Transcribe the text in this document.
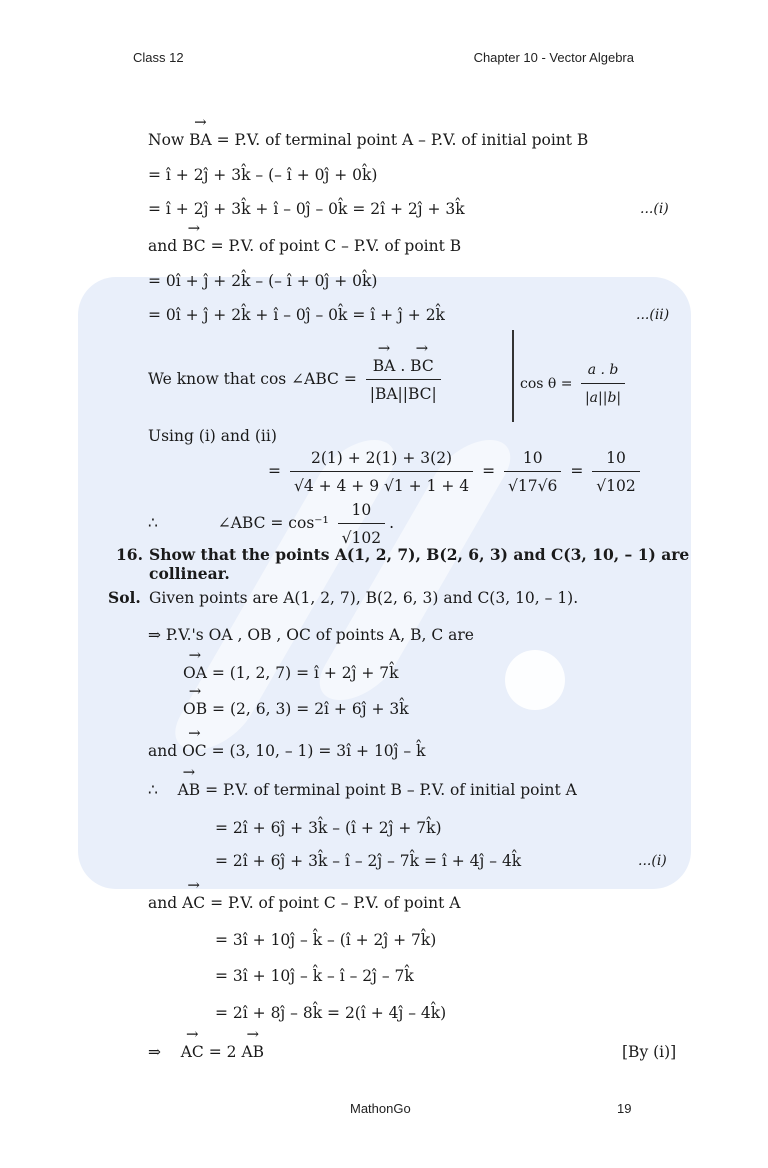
Class 12	Chapter 10 - Vector Algebra
Now → BA = P.V. of terminal point A – P.V. of initial point B
= î + 2ĵ + 3k̂ – (– î + 0ĵ + 0k̂)
= î + 2ĵ + 3k̂ + î – 0ĵ – 0k̂ = 2î + 2ĵ + 3k̂	...(i)
and → BC = P.V. of point C – P.V. of point B
= 0î + ĵ + 2k̂ – (– î + 0ĵ + 0k̂)
= 0î + ĵ + 2k̂ + î – 0ĵ – 0k̂ = î + ĵ + 2k̂	...(ii)
We know that cos ∠ABC = → $\frac{BA . \to BC}{|BA||BC|}$	$\cos \theta = \frac{a . b}{|a||b|}$
Using (i) and (ii)
= $\frac{2(1) + 2(1) + 3(2)}{√4 + 4 + 9 √1 + 1 + 4} = \frac{10}{√17√6} = \frac{10}{√102}$
∴	∠ABC = $\cos^{-1} \frac{10}{√102}$ .
16. Show that the points A(1, 2, 7), B(2, 6, 3) and C(3, 10, – 1) are
collinear.
Sol. Given points are A(1, 2, 7), B(2, 6, 3) and C(3, 10, – 1).
⇒ P.V.'s OA , OB , OC of points A, B, C are
→ OA = (1, 2, 7) = î + 2ĵ + 7k̂
→ OB = (2, 6, 3) = 2î + 6ĵ + 3k̂
and → OC = (3, 10, – 1) = 3î + 10ĵ – k̂
∴ → AB = P.V. of terminal point B – P.V. of initial point A
= 2î + 6ĵ + 3k̂ – (î + 2ĵ + 7k̂)
= 2î + 6ĵ + 3k̂ – î – 2ĵ – 7k̂ = î + 4ĵ – 4k̂	...(i)
and → AC = P.V. of point C – P.V. of point A
= 3î + 10ĵ – k̂ – (î + 2ĵ + 7k̂)
= 3î + 10ĵ – k̂ – î – 2ĵ – 7k̂
= 2î + 8ĵ – 8k̂ = 2(î + 4ĵ – 4k̂)
⇒ → AC = 2 → AB	[By (i)]
MathonGo	19
